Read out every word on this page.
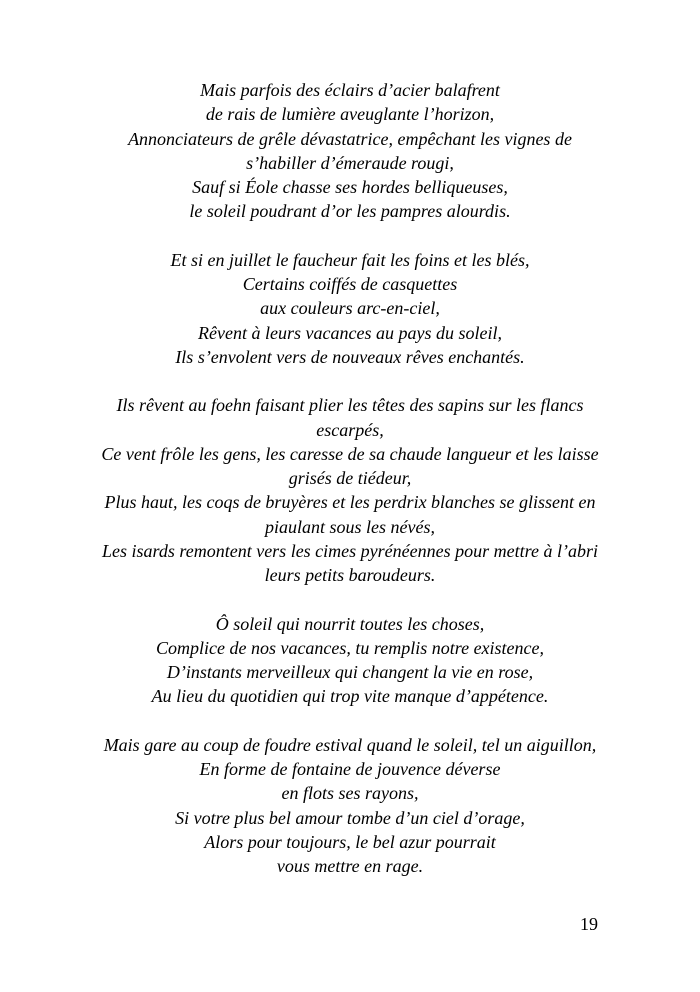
Mais parfois des éclairs d’acier balafrent
de rais de lumière aveuglante l’horizon,
Annonciateurs de grêle dévastatrice, empêchant les vignes de
s’habiller d’émeraude rougi,
Sauf si Éole chasse ses hordes belliqueuses,
le soleil poudrant d’or les pampres alourdis.
Et si en juillet le faucheur fait les foins et les blés,
Certains coiffés de casquettes
aux couleurs arc-en-ciel,
Rêvent à leurs vacances au pays du soleil,
Ils s’envolent vers de nouveaux rêves enchantés.
Ils rêvent au foehn faisant plier les têtes des sapins sur les flancs
escarpés,
Ce vent frôle les gens, les caresse de sa chaude langueur et les laisse
grisés de tiédeur,
Plus haut, les coqs de bruyères et les perdrix blanches se glissent en
piaulant sous les névés,
Les isards remontent vers les cimes pyrénéennes pour mettre à l’abri
leurs petits baroudeurs.
Ô soleil qui nourrit toutes les choses,
Complice de nos vacances, tu remplis notre existence,
D’instants merveilleux qui changent la vie en rose,
Au lieu du quotidien qui trop vite manque d’appétence.
Mais gare au coup de foudre estival quand le soleil, tel un aiguillon,
En forme de fontaine de jouvence déverse
en flots ses rayons,
Si votre plus bel amour tombe d’un ciel d’orage,
Alors pour toujours, le bel azur pourrait
vous mettre en rage.
19
